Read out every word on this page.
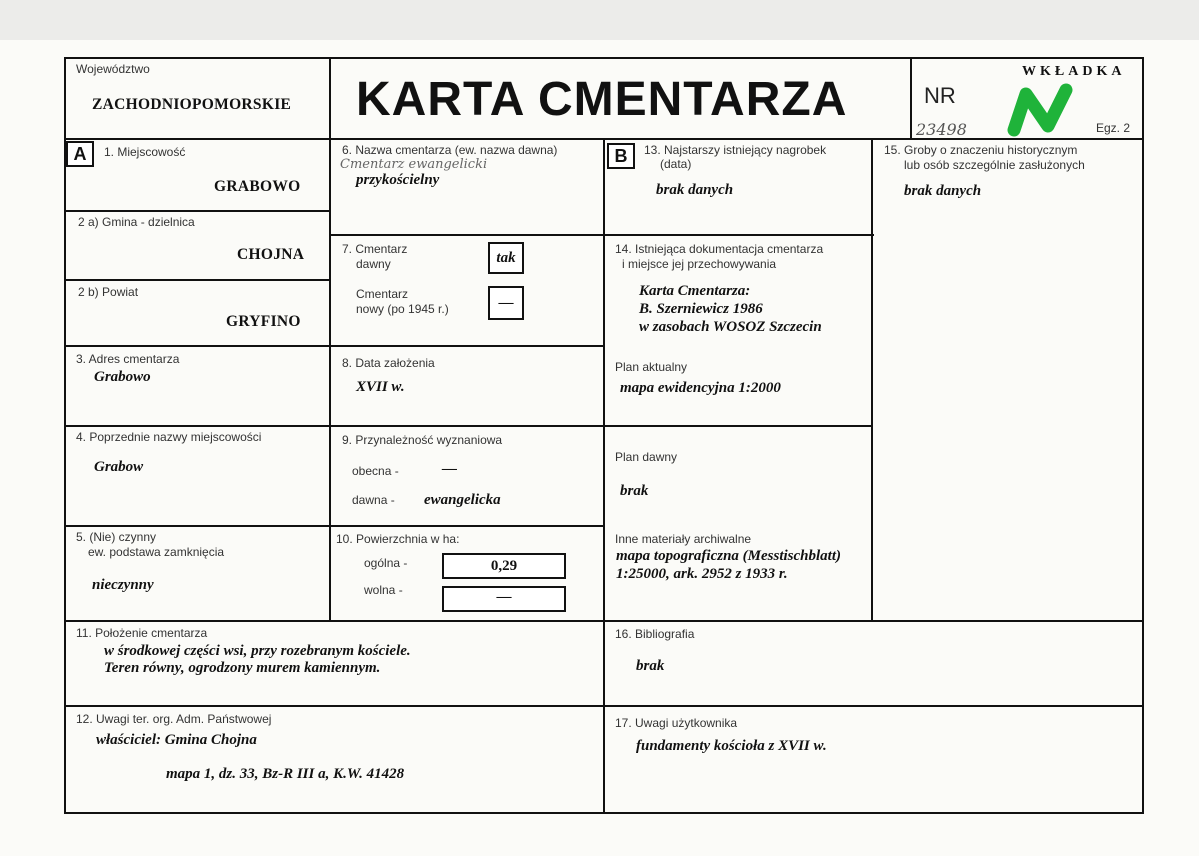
Województwo
ZACHODNIOPOMORSKIE KARTA CMENTARZA
WKŁADKA
NR
23498	Egz. 2
A	1. Miejscowość
GRABOWO
2 a) Gmina - dzielnica
CHOJNA
2 b) Powiat
GRYFINO
3. Adres cmentarza
Grabowo
4. Poprzednie nazwy miejscowości
Grabow
5. (Nie) czynny
ew. podstawa zamknięcia
nieczynny
6. Nazwa cmentarza (ew. nazwa dawna)
Cmentarz ewangelicki
przykościelny
7. Cmentarz
dawny	tak
Cmentarz
nowy (po 1945 r.)	—
8. Data założenia
XVII w.
9. Przynależność wyznaniowa
obecna -	—
dawna - ewangelicka
10. Powierzchnia w ha:
ogólna -	0,29
wolna -	—
B	13. Najstarszy istniejący nagrobek
(data)
brak danych
14. Istniejąca dokumentacja cmentarza
i miejsce jej przechowywania
Karta Cmentarza:
B. Szerniewicz 1986
w zasobach WOSOZ Szczecin
Plan aktualny
mapa ewidencyjna 1:2000
Plan dawny
brak
Inne materiały archiwalne
mapa topograficzna (Messtischblatt)
1:25000, ark. 2952 z 1933 r.
15. Groby o znaczeniu historycznym
lub osób szczególnie zasłużonych
brak danych
11. Położenie cmentarza
w środkowej części wsi, przy rozebranym kościele.
Teren równy, ogrodzony murem kamiennym.
12. Uwagi ter. org. Adm. Państwowej
właściciel: Gmina Chojna
mapa 1, dz. 33, Bz-R III a, K.W. 41428
16. Bibliografia
brak
17. Uwagi użytkownika
fundamenty kościoła z XVII w.
